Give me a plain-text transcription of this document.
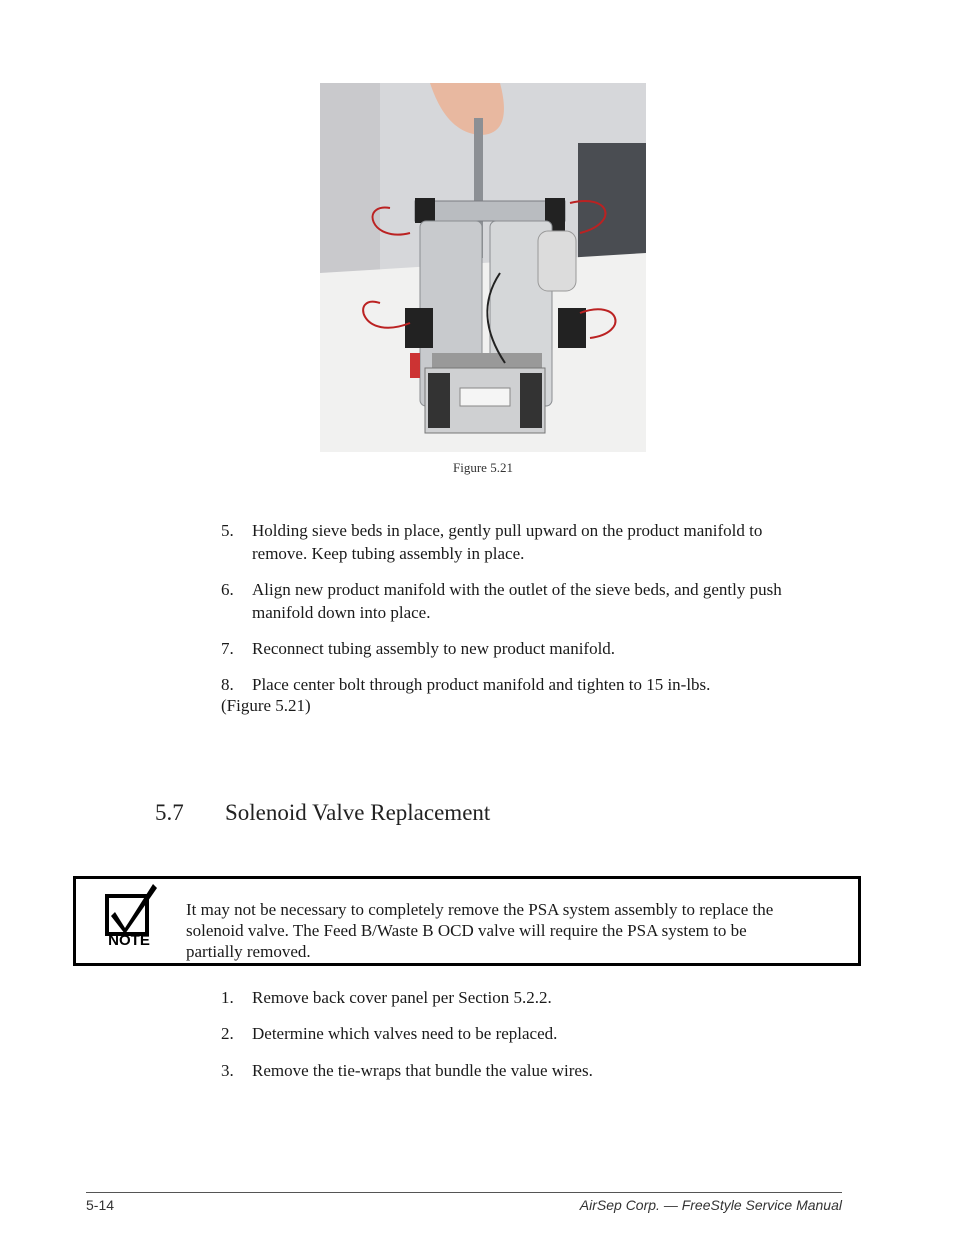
Figure 5.21
5. Holding sieve beds in place, gently pull upward on the product manifold to
remove. Keep tubing assembly in place.
6. Align new product manifold with the outlet of the sieve beds, and gently push
manifold down into place.
7. Reconnect tubing assembly to new product manifold.
8. Place center bolt through product manifold and tighten to 15 in-lbs.
(Figure 5.21)
5.7 Solenoid Valve Replacement
NOTE
It may not be necessary to completely remove the PSA system assembly to replace the
solenoid valve. The Feed B/Waste B OCD valve will require the PSA system to be
partially removed.
1. Remove back cover panel per Section 5.2.2.
2. Determine which valves need to be replaced.
3. Remove the tie-wraps that bundle the value wires.
5-14	AirSep Corp. — FreeStyle Service Manual
